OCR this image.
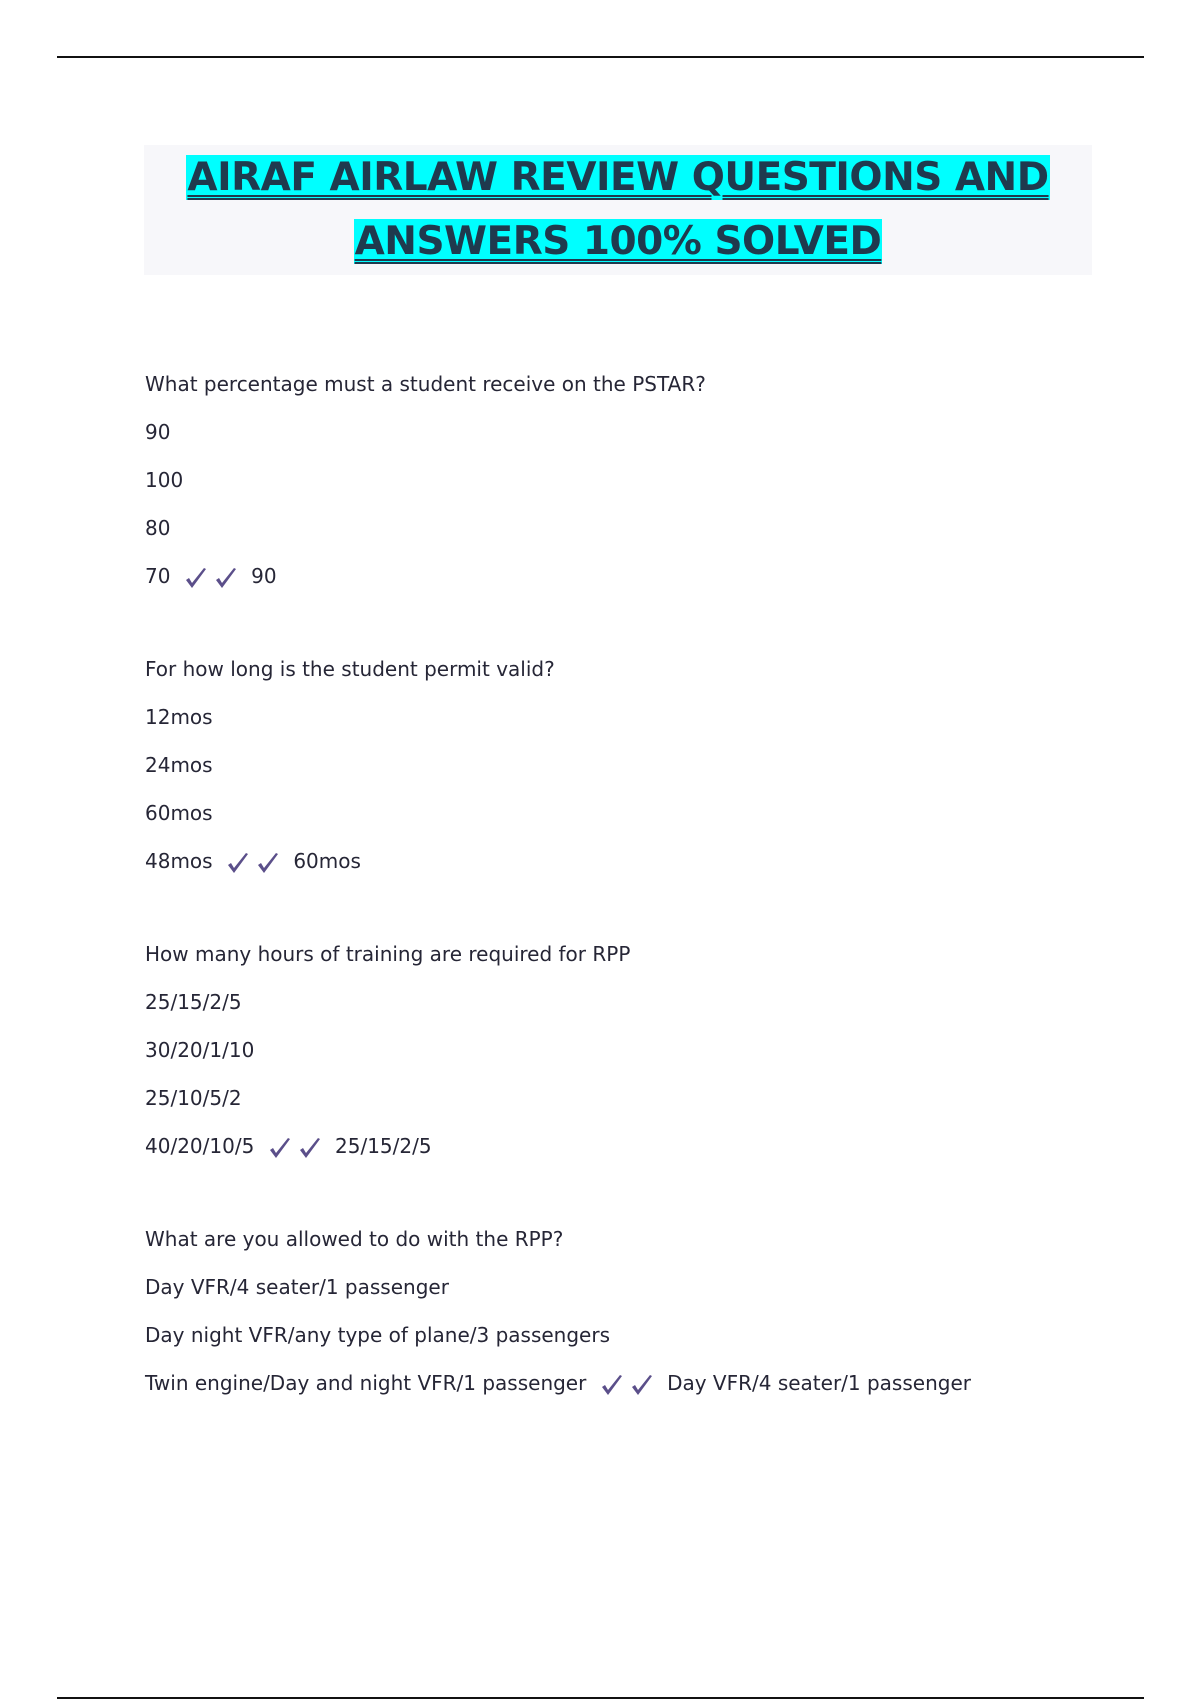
AIRAF AIRLAW REVIEW QUESTIONS AND
ANSWERS 100% SOLVED
What percentage must a student receive on the PSTAR?
90
100
80
70	90
For how long is the student permit valid?
12mos
24mos
60mos
48mos	60mos
How many hours of training are required for RPP
25/15/2/5
30/20/1/10
25/10/5/2
40/20/10/5	25/15/2/5
What are you allowed to do with the RPP?
Day VFR/4 seater/1 passenger
Day night VFR/any type of plane/3 passengers
Twin engine/Day and night VFR/1 passenger	Day VFR/4 seater/1 passenger
